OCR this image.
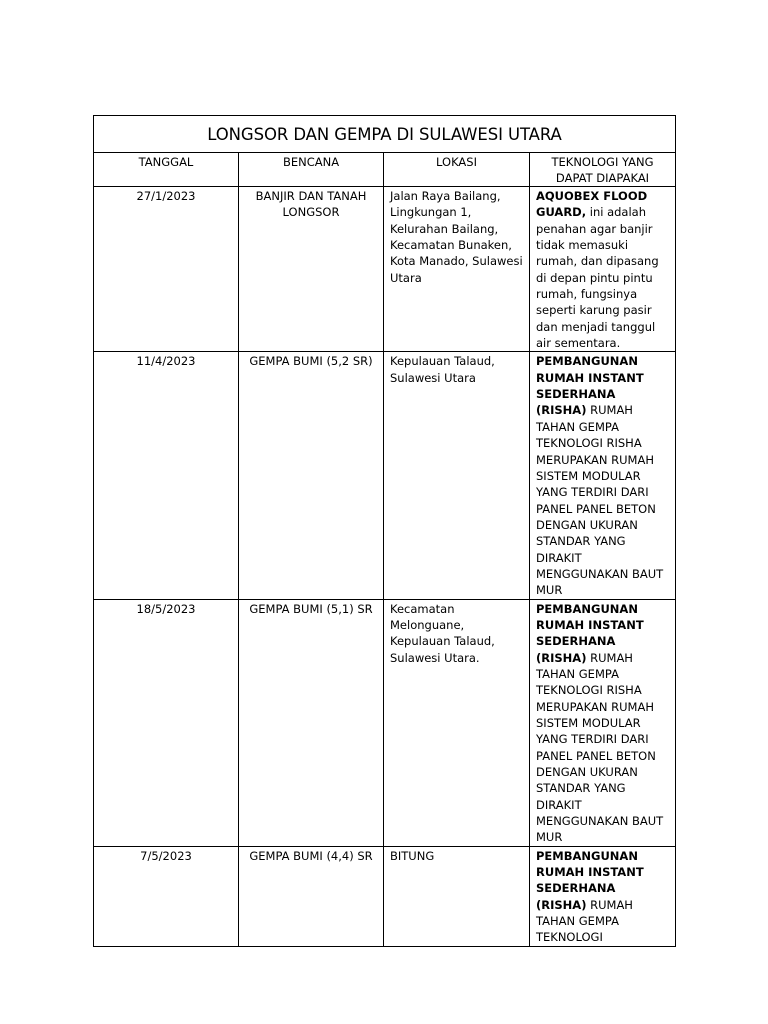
LONGSOR DAN GEMPA DI SULAWESI UTARA			

TANGGAL	BENCANA	LOKASI	TEKNOLOGI YANG DAPAT DIAPAKAI

27/1/2023	BANJIR DAN TANAH LONGSOR	Jalan Raya Bailang, Lingkungan 1, Kelurahan Bailang, Kecamatan Bunaken, Kota Manado, Sulawesi Utara	AQUOBEX FLOOD GUARD, ini adalah penahan agar banjir tidak memasuki rumah, dan dipasang di depan pintu pintu rumah, fungsinya seperti karung pasir dan menjadi tanggul air sementara.

11/4/2023	GEMPA BUMI (5,2 SR)	Kepulauan Talaud, Sulawesi Utara	PEMBANGUNAN RUMAH INSTANT SEDERHANA (RISHA) RUMAH TAHAN GEMPA TEKNOLOGI RISHA MERUPAKAN RUMAH SISTEM MODULAR YANG TERDIRI DARI PANEL PANEL BETON DENGAN UKURAN STANDAR YANG DIRAKIT MENGGUNAKAN BAUT MUR

18/5/2023	GEMPA BUMI (5,1) SR	Kecamatan Melonguane, Kepulauan Talaud, Sulawesi Utara.	PEMBANGUNAN RUMAH INSTANT SEDERHANA (RISHA) RUMAH TAHAN GEMPA TEKNOLOGI RISHA MERUPAKAN RUMAH SISTEM MODULAR YANG TERDIRI DARI PANEL PANEL BETON DENGAN UKURAN STANDAR YANG DIRAKIT MENGGUNAKAN BAUT MUR

7/5/2023	GEMPA BUMI (4,4) SR	BITUNG	PEMBANGUNAN RUMAH INSTANT SEDERHANA (RISHA) RUMAH TAHAN GEMPA TEKNOLOGI
